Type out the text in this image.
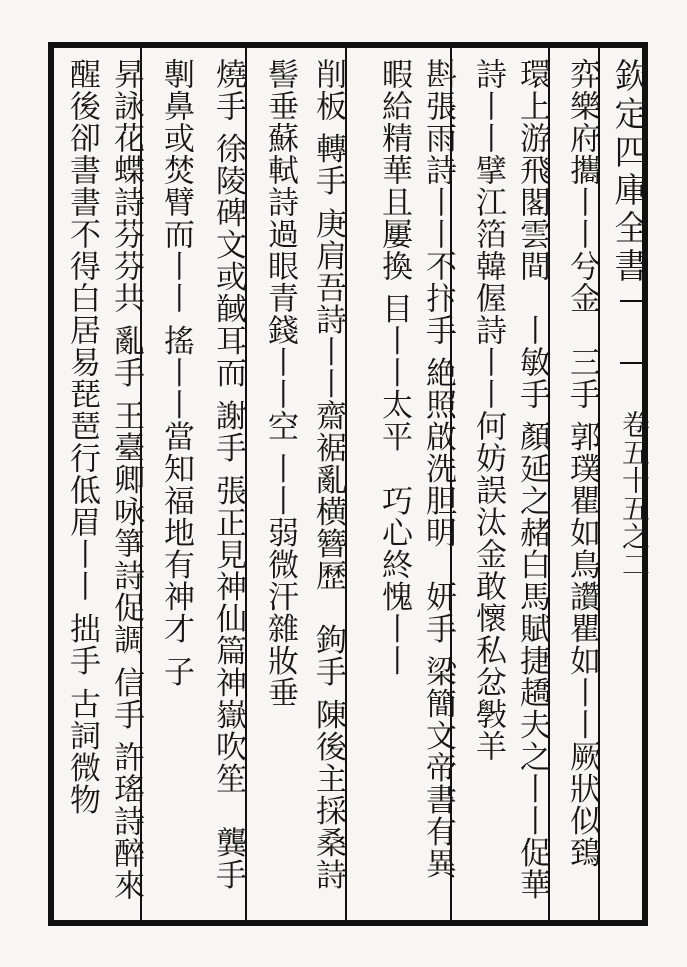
欽定四庫全書
卷五十五之二
弈樂府攜丨丨兮金　三手 郭璞瞿如鳥讚瞿如丨丨厥狀似鵄　
環上游飛閣雲間　丨敏手 顏延之赭白馬賦捷趫夫之丨丨促華
詩丨丨擘江箔韓偓詩丨丨何妨誤汰金敢懷私忿斅羊
斟張雨詩丨丨不抃手 絶照啟洗胆明　妍手 梁簡文帝書有異
暇給精華且屢換 目丨丨太平　巧心終愧丨丨
削板 轉手 庚肩吾詩丨丨齋裾亂横簪歷　鉤手 陳後主採桑詩
髻垂蘇軾詩過眼青錢丨丨空 丨丨弱微汗雜妝垂
燒手 徐陵碑文或馘耳而 謝手 張正見神仙篇神嶽吹笙　龔手
剸鼻或焚臂而丨丨 搖丨丨當知福地有神才 子
昇詠花蝶詩芬芬共 亂手 王臺卿咏箏詩促調 信手 許瑤詩醉來
醒後卻書書不得白居易琵琶行低眉丨丨 拙手 古詞微物
